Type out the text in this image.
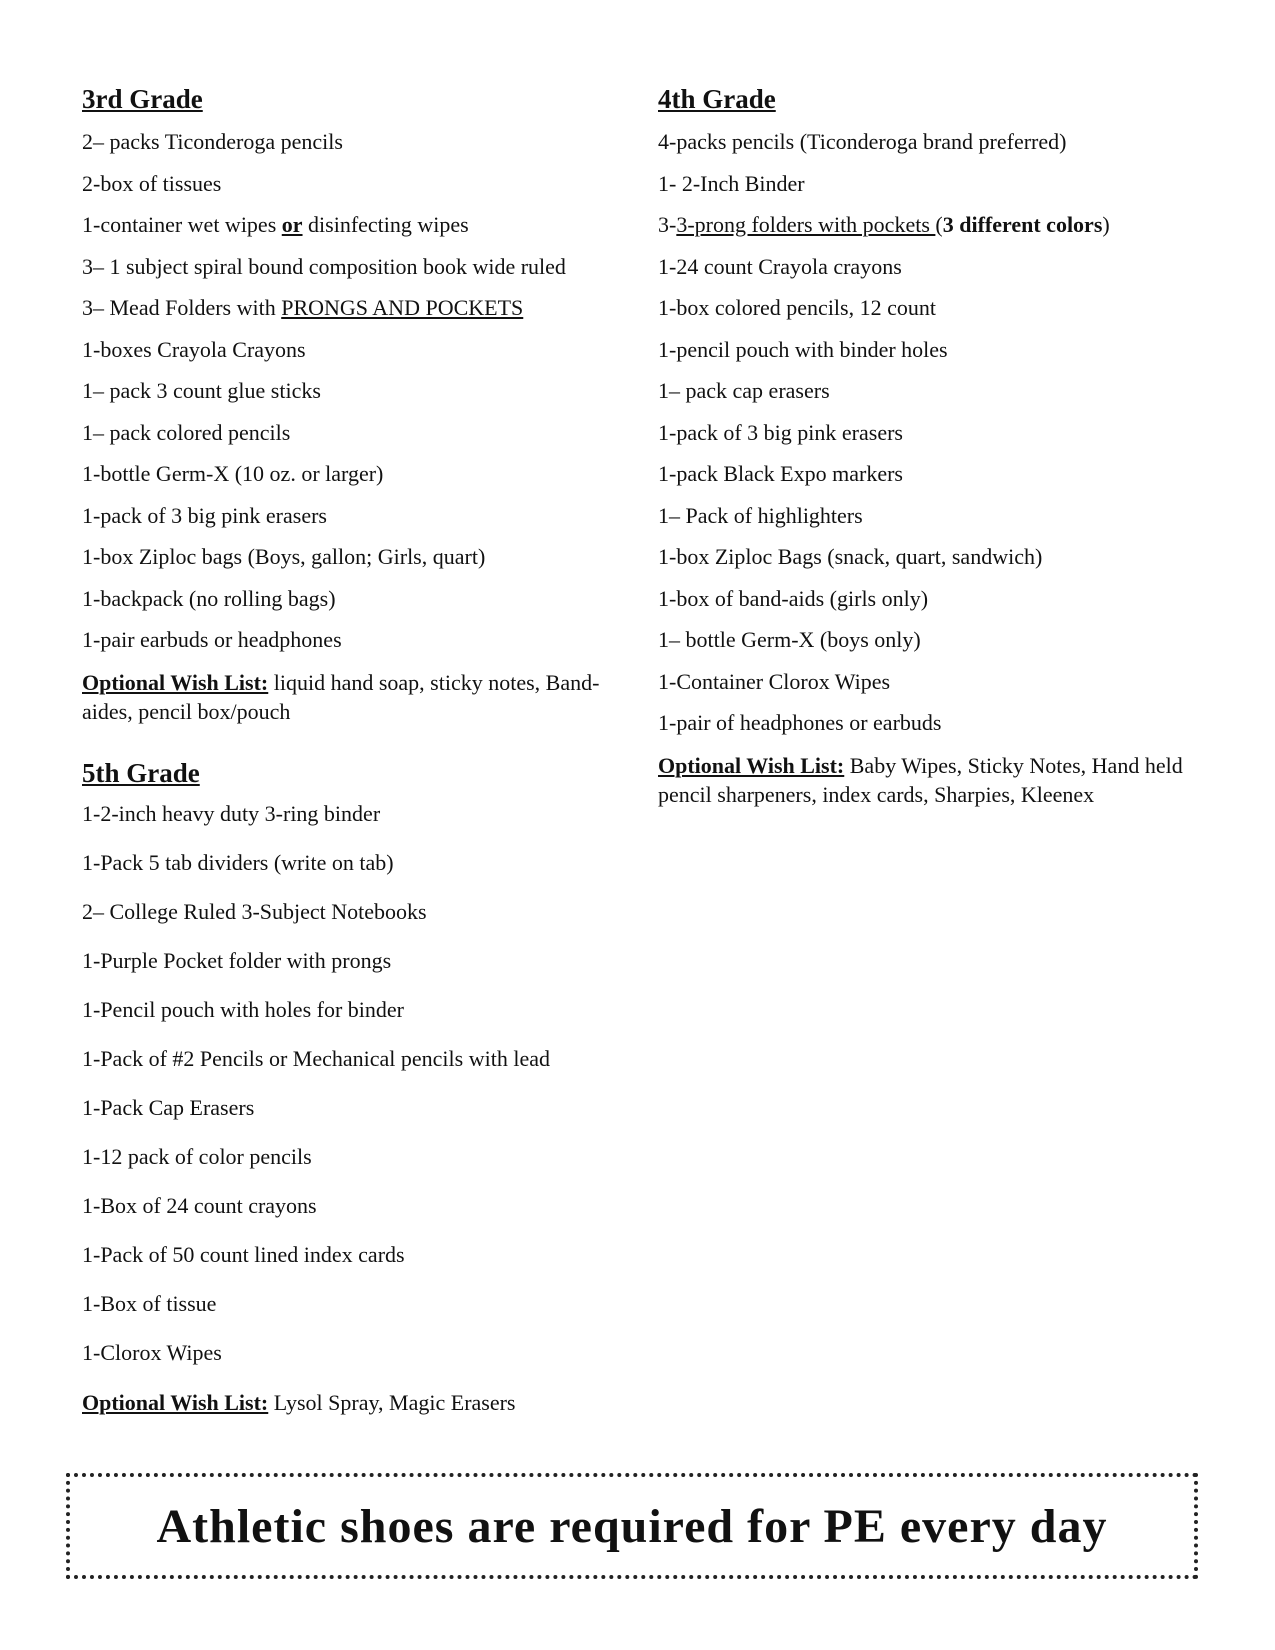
3rd Grade
2– packs Ticonderoga pencils
2-box of tissues
1-container wet wipes or disinfecting wipes
3– 1 subject spiral bound composition book wide ruled
3– Mead Folders with PRONGS AND POCKETS
1-boxes Crayola Crayons
1– pack 3 count glue sticks
1– pack colored pencils
1-bottle Germ-X (10 oz. or larger)
1-pack of 3 big pink erasers
1-box Ziploc bags (Boys, gallon; Girls, quart)
1-backpack (no rolling bags)
1-pair earbuds or headphones

Optional Wish List: liquid hand soap, sticky notes, Band-aides, pencil box/pouch

5th Grade
1-2-inch heavy duty 3-ring binder
1-Pack 5 tab dividers (write on tab)
2– College Ruled 3-Subject Notebooks
1-Purple Pocket folder with prongs
1-Pencil pouch with holes for binder
1-Pack of #2 Pencils or Mechanical pencils with lead
1-Pack Cap Erasers
1-12 pack of color pencils
1-Box of 24 count crayons
1-Pack of 50 count lined index cards
1-Box of tissue
1-Clorox Wipes

Optional Wish List: Lysol Spray, Magic Erasers

4th Grade
4-packs pencils (Ticonderoga brand preferred)
1- 2-Inch Binder
3-3-prong folders with pockets (3 different colors)
1-24 count Crayola crayons
1-box colored pencils, 12 count
1-pencil pouch with binder holes
1– pack cap erasers
1-pack of 3 big pink erasers
1-pack Black Expo markers
1– Pack of highlighters
1-box Ziploc Bags (snack, quart, sandwich)
1-box of band-aids (girls only)
1– bottle Germ-X (boys only)
1-Container Clorox Wipes
1-pair of headphones or earbuds

Optional Wish List: Baby Wipes, Sticky Notes, Hand held pencil sharpeners, index cards, Sharpies, Kleenex

Athletic shoes are required for PE every day
